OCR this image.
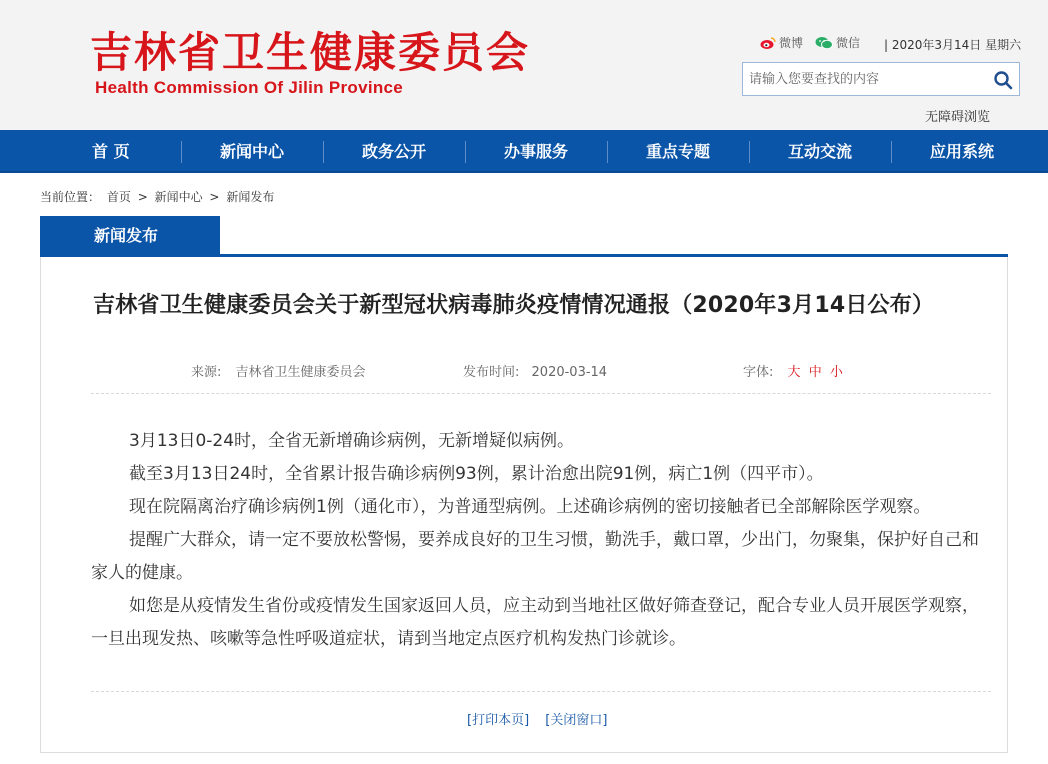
吉林省卫生健康委员会
Health Commission Of Jilin Province
微博	微信 | 2020年3月14日 星期六
请输入您要查找的内容
无障碍浏览
首 页	新闻中心	政务公开	办事服务	重点专题	互动交流	应用系统
当前位置： 首页 > 新闻中心 > 新闻发布
新闻发布
吉林省卫生健康委员会关于新型冠状病毒肺炎疫情情况通报（2020年3月14日公布）
来源: 吉林省卫生健康委员会	发布时间: 2020-03-14	字体: 大 中 小

3月13日0-24时，全省无新增确诊病例，无新增疑似病例。

截至3月13日24时，全省累计报告确诊病例93例，累计治愈出院91例，病亡1例（四平市）。

现在院隔离治疗确诊病例1例（通化市），为普通型病例。上述确诊病例的密切接触者已全部解除医学观察。

提醒广大群众，请一定不要放松警惕，要养成良好的卫生习惯，勤洗手，戴口罩，少出门，勿聚集，保护好自己和家人的健康。

如您是从疫情发生省份或疫情发生国家返回人员，应主动到当地社区做好筛查登记，配合专业人员开展医学观察，一旦出现发热、咳嗽等急性呼吸道症状，请到当地定点医疗机构发热门诊就诊。

[打印本页] [关闭窗口]
